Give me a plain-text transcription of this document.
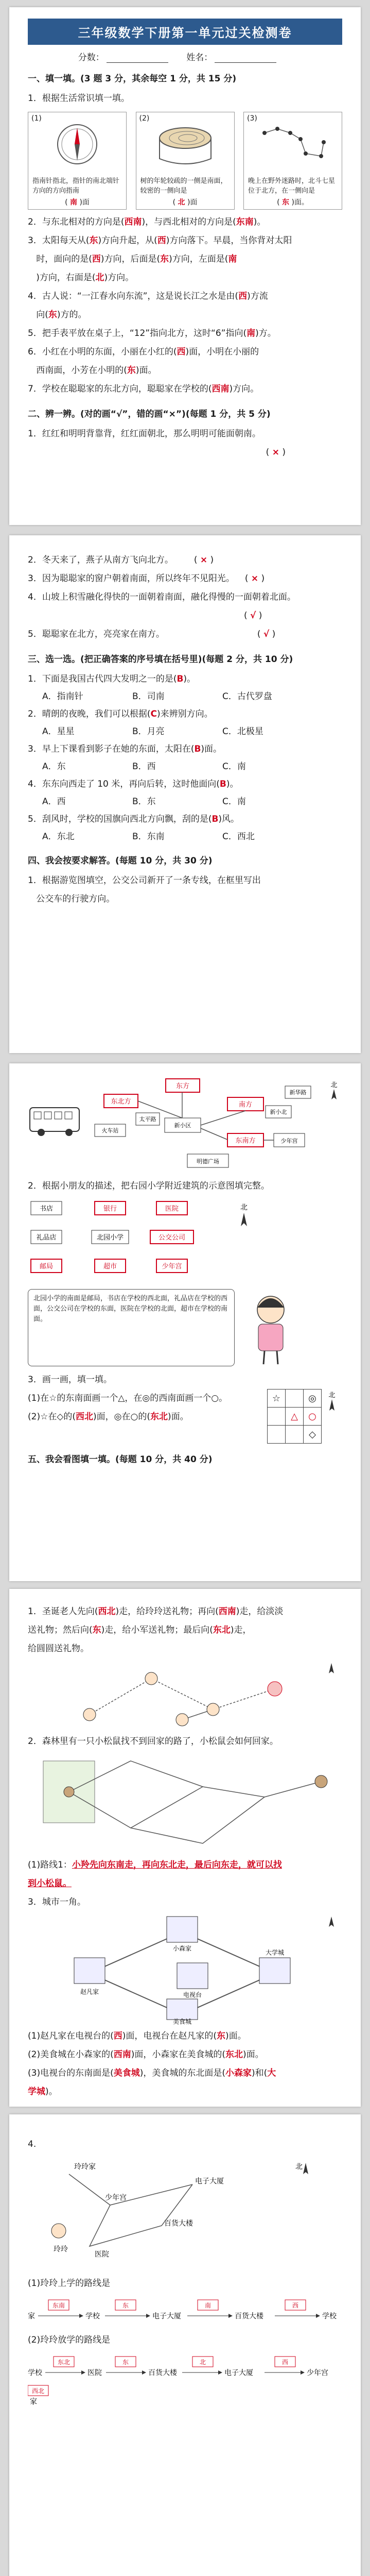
三年级数学下册第一单元过关检测卷
分数：	姓名：
一、填一填。(3 题 3 分，其余每空 1 分，共 15 分)
1．根据生活常识填一填。
(1)
指南针指北，指针的南北端针方向的方向指南
( 南 )面
(2)
树的年轮较疏的一侧是南面，较密的一侧向是
( 北 )面
(3)
晚上在野外迷路时，北斗七星位于北方，在一侧向是
( 东 )面。
2．与东北相对的方向是(西南)，与西北相对的方向是(东南)。
3．太阳每天从(东)方向升起，从(西)方向落下。早晨，当你背对太阳
时，面向的是(西)方向，后面是(东)方向，左面是(南
)方向，右面是(北)方向。
4．古人说：“一江春水向东流”，这是说长江之水是由(西)方流
向(东)方的。
5．把手表平放在桌子上，“12”指向北方，这时“6”指向(南)方。
6．小红在小明的东面，小丽在小红的(西)面，小明在小丽的
西南面，小芳在小明的(东)面。
7．学校在聪聪家的东北方向，聪聪家在学校的(西南)方向。
二、辨一辨。(对的画“√”，错的画“×”)(每题 1 分，共 5 分)
1．红红和明明背靠背，红红面朝北，那么明明可能面朝南。
( × )
2．冬天来了，燕子从南方飞向北方。 ( × )
3．因为聪聪家的窗户朝着南面，所以终年不见阳光。 ( × )
4．山坡上积雪融化得快的一面朝着南面，融化得慢的一面朝着北面。
( √ )
5．聪聪家在北方，亮亮家在南方。	( √ )
三、选一选。(把正确答案的序号填在括号里)(每题 2 分，共 10 分)
1．下面是我国古代四大发明之一的是(B)。
A．指南针	B．司南	C．古代罗盘
2．晴朗的夜晚，我们可以根据(C)来辨别方向。
A．星星	B．月亮	C．北极星
3．早上下课看到影子在她的东面，太阳在(B)面。
A．东	B．西	C．南
4．东东向西走了 10 米，再向后转，这时他面向(B)。
A．西	B．东	C．南
5．刮风时，学校的国旗向西北方向飘，刮的是(B)风。
A．东北	B．东南	C．西北
四、我会按要求解答。(每题 10 分，共 30 分)
1．根据游览图填空，公交公司新开了一条专线，在框里写出
公交车的行驶方向。
东北方
东方
新小区
太平路
火车站
南方
东南方
明德广场
少年宫
新华路
新小北
北
2．根据小朋友的描述，把右园小学附近建筑的示意图填完整。
书店	银行	医院
礼品店	北园小学	公交公司
邮局	超市	少年宫
北
北园小学的南面是邮局，书店在学校的西北面，礼品店在学校的西面，公交公司在学校的东面，医院在学校的北面，超市在学校的南面。
3．画一画，填一填。
(1)在☆的东南面画一个△，在◎的西南面画一个○。
(2)☆在◇的(西北)面，◎在○的(东北)面。
☆		◎
	△	○
		◇
北
五、我会看图填一填。(每题 10 分，共 40 分)
1．圣诞老人先向(西北)走，给玲玲送礼物；再向(西南)走，给淡淡
送礼物；然后向(东)走，给小军送礼物；最后向(东北)走，
给圆圆送礼物。
2．森林里有一只小松鼠找不到回家的路了，小松鼠会如何回家。
(1)路线1：小羚先向东南走，再向东北走，最后向东走，就可以找
到小松鼠。
3．城市一角。
赵凡家
小森家
电视台
大学城
美食城
(1)赵凡家在电视台的(西)面，电视台在赵凡家的(东)面。
(2)美食城在小森家的(西南)面，小森家在美食城的(东北)面。
(3)电视台的东南面是(美食城)，美食城的东北面是(小森家)和(大
学城)。
4.
玲玲家
少年宫
电子大厦
百货大楼
医院
玲玲
北
(1)玲玲上学的路线是
家
东南
学校
东
电子大厦
南
百货大楼
西
学校
(2)玲玲放学的路线是
学校
东北
医院
东
百货大楼
北
电子大厦
西
少年宫
西北
家
